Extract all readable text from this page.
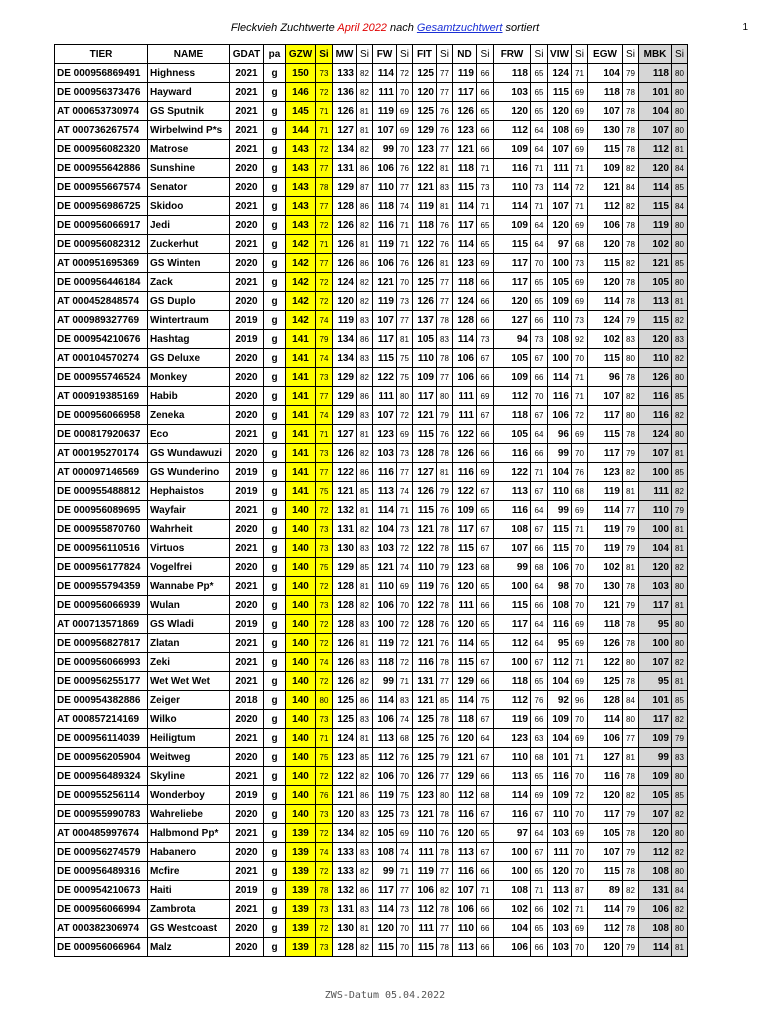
Fleckvieh Zuchtwerte April 2022 nach Gesamtzuchtwert sortiert	1
TIER	NAME	GDAT	pa	GZW	Si	MW	Si	FW	Si	FIT	Si	ND	Si	FRW	Si	VIW	Si	EGW	Si	MBK	Si
DE 000956869491	Highness	2021	g	150	73	133	82	114	72	125	77	119	66	118	65	124	71	104	79	118	80
DE 000956373476	Hayward	2021	g	146	72	136	82	111	70	120	77	117	66	103	65	115	69	118	78	101	80
AT 000653730974	GS Sputnik	2021	g	145	71	126	81	119	69	125	76	126	65	120	65	120	69	107	78	104	80
AT 000736267574	Wirbelwind P*s	2021	g	144	71	127	81	107	69	129	76	123	66	112	64	108	69	130	78	107	80
DE 000956082320	Matrose	2021	g	143	72	134	82	99	70	123	77	121	66	109	64	107	69	115	78	112	81
DE 000955642886	Sunshine	2020	g	143	77	131	86	106	76	122	81	118	71	116	71	111	71	109	82	120	84
DE 000955667574	Senator	2020	g	143	78	129	87	110	77	121	83	115	73	110	73	114	72	121	84	114	85
DE 000956986725	Skidoo	2021	g	143	77	128	86	118	74	119	81	114	71	114	71	107	71	112	82	115	84
DE 000956066917	Jedi	2020	g	143	72	126	82	116	71	118	76	117	65	109	64	120	69	106	78	119	80
DE 000956082312	Zuckerhut	2021	g	142	71	126	81	119	71	122	76	114	65	115	64	97	68	120	78	102	80
AT 000951695369	GS Winten	2020	g	142	77	126	86	106	76	126	81	123	69	117	70	100	73	115	82	121	85
DE 000956446184	Zack	2021	g	142	72	124	82	121	70	125	77	118	66	117	65	105	69	120	78	105	80
AT 000452848574	GS Duplo	2020	g	142	72	120	82	119	73	126	77	124	66	120	65	109	69	114	78	113	81
AT 000989327769	Wintertraum	2019	g	142	74	119	83	107	77	137	78	128	66	127	66	110	73	124	79	115	82
DE 000954210676	Hashtag	2019	g	141	79	134	86	117	81	105	83	114	73	94	73	108	92	102	83	120	83
AT 000104570274	GS Deluxe	2020	g	141	74	134	83	115	75	110	78	106	67	105	67	100	70	115	80	110	82
DE 000955746524	Monkey	2020	g	141	73	129	82	122	75	109	77	106	66	109	66	114	71	96	78	126	80
AT 000919385169	Habib	2020	g	141	77	129	86	111	80	117	80	111	69	112	70	116	71	107	82	116	85
DE 000956066958	Zeneka	2020	g	141	74	129	83	107	72	121	79	111	67	118	67	106	72	117	80	116	82
DE 000817920637	Eco	2021	g	141	71	127	81	123	69	115	76	122	66	105	64	96	69	115	78	124	80
AT 000195270174	GS Wundawuzi	2020	g	141	73	126	82	103	73	128	78	126	66	116	66	99	70	117	79	107	81
AT 000097146569	GS Wunderino	2019	g	141	77	122	86	116	77	127	81	116	69	122	71	104	76	123	82	100	85
DE 000955488812	Hephaistos	2019	g	141	75	121	85	113	74	126	79	122	67	113	67	110	68	119	81	111	82
DE 000956089695	Wayfair	2021	g	140	72	132	81	114	71	115	76	109	65	116	64	99	69	114	77	110	79
DE 000955870760	Wahrheit	2020	g	140	73	131	82	104	73	121	78	117	67	108	67	115	71	119	79	100	81
DE 000956110516	Virtuos	2021	g	140	73	130	83	103	72	122	78	115	67	107	66	115	70	119	79	104	81
DE 000956177824	Vogelfrei	2020	g	140	75	129	85	121	74	110	79	123	68	99	68	106	70	102	81	120	82
DE 000955794359	Wannabe Pp*	2021	g	140	72	128	81	110	69	119	76	120	65	100	64	98	70	130	78	103	80
DE 000956066939	Wulan	2020	g	140	73	128	82	106	70	122	78	111	66	115	66	108	70	121	79	117	81
AT 000713571869	GS Wladi	2019	g	140	72	128	83	100	72	128	76	120	65	117	64	116	69	118	78	95	80
DE 000956827817	Zlatan	2021	g	140	72	126	81	119	72	121	76	114	65	112	64	95	69	126	78	100	80
DE 000956066993	Zeki	2021	g	140	74	126	83	118	72	116	78	115	67	100	67	112	71	122	80	107	82
DE 000956255177	Wet Wet Wet	2021	g	140	72	126	82	99	71	131	77	129	66	118	65	104	69	125	78	95	81
DE 000954382886	Zeiger	2018	g	140	80	125	86	114	83	121	85	114	75	112	76	92	96	128	84	101	85
AT 000857214169	Wilko	2020	g	140	73	125	83	106	74	125	78	118	67	119	66	109	70	114	80	117	82
DE 000956114039	Heiligtum	2021	g	140	71	124	81	113	68	125	76	120	64	123	63	104	69	106	77	109	79
DE 000956205904	Weitweg	2020	g	140	75	123	85	112	76	125	79	121	67	110	68	101	71	127	81	99	83
DE 000956489324	Skyline	2021	g	140	72	122	82	106	70	126	77	129	66	113	65	116	70	116	78	109	80
DE 000955256114	Wonderboy	2019	g	140	76	121	86	119	75	123	80	112	68	114	69	109	72	120	82	105	85
DE 000955990783	Wahreliebe	2020	g	140	73	120	83	125	73	121	78	116	67	116	67	110	70	117	79	107	82
AT 000485997674	Halbmond Pp*	2021	g	139	72	134	82	105	69	110	76	120	65	97	64	103	69	105	78	120	80
DE 000956274579	Habanero	2020	g	139	74	133	83	108	74	111	78	113	67	100	67	111	70	107	79	112	82
DE 000956489316	Mcfire	2021	g	139	72	133	82	99	71	119	77	116	66	100	65	120	70	115	78	108	80
DE 000954210673	Haiti	2019	g	139	78	132	86	117	77	106	82	107	71	108	71	113	87	89	82	131	84
DE 000956066994	Zambrota	2021	g	139	73	131	83	114	73	112	78	106	66	102	66	102	71	114	79	106	82
AT 000382306974	GS Westcoast	2020	g	139	72	130	81	120	70	111	77	110	66	104	65	103	69	112	78	108	80
DE 000956066964	Malz	2020	g	139	73	128	82	115	70	115	78	113	66	106	66	103	70	120	79	114	81
ZWS-Datum 05.04.2022
